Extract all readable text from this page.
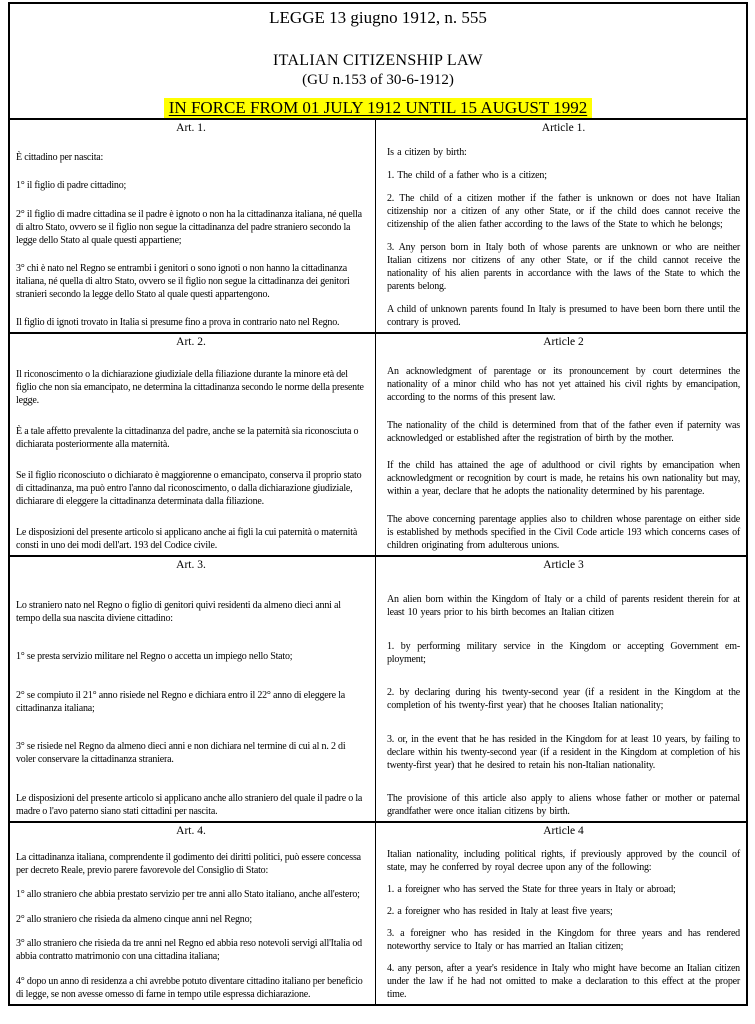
LEGGE 13 giugno 1912, n. 555
ITALIAN CITIZENSHIP LAW
(GU n.153 of 30-6-1912)
IN FORCE FROM 01 JULY 1912 UNTIL 15 AUGUST 1992
Art. 1.

È cittadino per nascita:

1° il figlio di padre cittadino;

2° il figlio di madre cittadina se il padre è ignoto o non ha la cittadinanza italiana, né quella di altro Stato, ovvero se il figlio non segue la cittadinanza del padre straniero secondo la legge dello Stato al quale questi appartiene;

3° chi è nato nel Regno se entrambi i genitori o sono ignoti o non hanno la cittadinanza italiana, né quella di altro Stato, ovvero se il figlio non segue la cittadinanza dei genitori stranieri secondo la legge dello Stato al quale questi appartengono.

Il figlio di ignoti trovato in Italia si presume fino a prova in contrario nato nel Regno.

Article 1.

Is a citizen by birth:

1. The child of a father who is a citizen;

2. The child of a citizen mother if the father is unknown or does not have Italian citizenship nor a citizen of any other State, or if the child does cannot receive the citizenship of the alien father according to the laws of the State to which he belongs;

3. Any person born in Italy both of whose parents are unknown or who are neither Italian citizens nor citizens of any other State, or if the child cannot receive the nationality of his alien parents in accordance with the laws of the State to which the parents belong.

A child of unknown parents found In Italy is presumed to have been born there until the contrary is proved.

Art. 2.

Il riconoscimento o la dichiarazione giudiziale della filiazione durante la minore età del figlio che non sia emancipato, ne determina la cittadinanza secondo le norme della presente legge.

È a tale affetto prevalente la cittadinanza del padre, anche se la paternità sia riconosciuta o dichiarata posteriormente alla maternità.

Se il figlio riconosciuto o dichiarato è maggiorenne o emancipato, conserva il proprio stato di cittadinanza, ma può entro l'anno dal riconoscimento, o dalla dichiarazione giudiziale, dichiarare di eleggere la cittadinanza determinata dalla filiazione.

Le disposizioni del presente articolo si applicano anche ai figli la cui paternità o maternità consti in uno dei modi dell'art. 193 del Codice civile.

Article 2

An acknowledgment of parentage or its pronouncement by court determines the nationality of a minor child who has not yet attained his civil rights by emancipation, according to the norms of this present law.

The nationality of the child is determined from that of the father even if paternity was acknowledged or established after the registration of birth by the mother.

If the child has attained the age of adulthood or civil rights by emancipation when acknowledgment or recognition by court is made, he retains his own nationality but may, within a year, declare that he adopts the nationality determined by his parentage.

The above concerning parentage applies also to children whose parentage on either side is established by methods specified in the Civil Code article 193 which concerns cases of children originating from adulterous unions.

Art. 3.

Lo straniero nato nel Regno o figlio di genitori quivi residenti da almeno dieci anni al tempo della sua nascita diviene cittadino:

1° se presta servizio militare nel Regno o accetta un impiego nello Stato;

2° se compiuto il 21° anno risiede nel Regno e dichiara entro il 22° anno di eleggere la cittadinanza italiana;

3° se risiede nel Regno da almeno dieci anni e non dichiara nel termine di cui al n. 2 di voler conservare la cittadinanza straniera.

Le disposizioni del presente articolo si applicano anche allo straniero del quale il padre o la madre o l'avo paterno siano stati cittadini per nascita.

Article 3

An alien born within the Kingdom of Italy or a child of parents resident therein for at least 10 years prior to his birth becomes an Italian citizen

1. by performing military service in the Kingdom or accepting Government em-ployment;

2. by declaring during his twenty-second year (if a resident in the Kingdom at the completion of his twenty-first year) that he chooses Italian nationality;

3. or, in the event that he has resided in the Kingdom for at least 10 years, by failing to declare within his twenty-second year (if a resident in the Kingdom at completion of his twenty-first year) that he desired to retain his non-Italian nationality.

The provisione of this article also apply to aliens whose father or mother or paternal grandfather were once italian citizens by birth.

Art. 4.

La cittadinanza italiana, comprendente il godimento dei diritti politici, può essere concessa per decreto Reale, previo parere favorevole del Consiglio di Stato:

1° allo straniero che abbia prestato servizio per tre anni allo Stato italiano, anche all'estero;

2° allo straniero che risieda da almeno cinque anni nel Regno;

3° allo straniero che risieda da tre anni nel Regno ed abbia reso notevoli servigi all'Italia od abbia contratto matrimonio con una cittadina italiana;

4° dopo un anno di residenza a chi avrebbe potuto diventare cittadino italiano per beneficio di legge, se non avesse omesso di farne in tempo utile espressa dichiarazione.

Article 4

Italian nationality, including political rights, if previously approved by the council of state, may he conferred by royal decree upon any of the following:

1. a foreigner who has served the State for three years in Italy or abroad;

2. a foreigner who has resided in Italy at least five years;

3. a foreigner who has resided in the Kingdom for three years and has rendered noteworthy service to Italy or has married an Italian citizen;

4. any person, after a year's residence in Italy who might have become an Italian citizen under the law if he had not omitted to make a declaration to this effect at the proper time.
